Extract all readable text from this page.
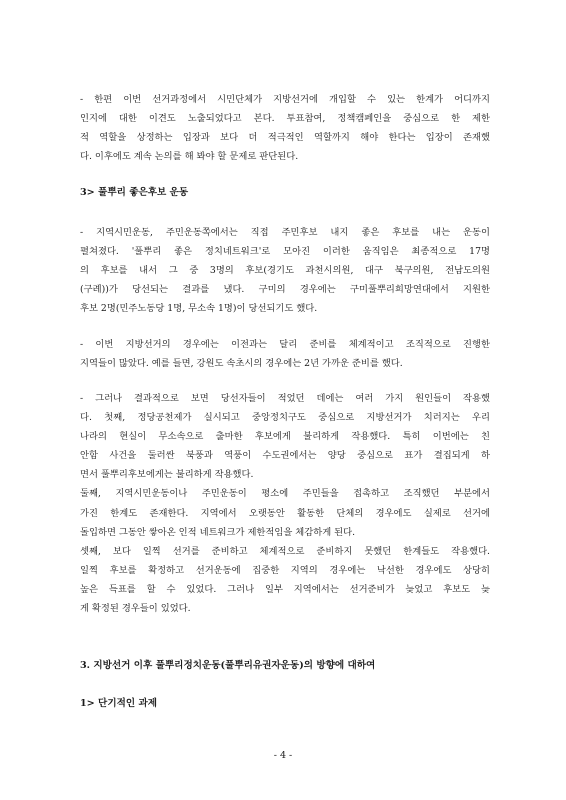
- 한편 이번 선거과정에서 시민단체가 지방선거에 개입할 수 있는 한계가 어디까지
인지에 대한 이견도 노출되었다고 본다. 투표참여, 정책캠페인을 중심으로 한 제한
적 역할을 상정하는 입장과 보다 더 적극적인 역할까지 해야 한다는 입장이 존재했
다. 이후에도 계속 논의를 해 봐야 할 문제로 판단된다.
3> 풀뿌리 좋은후보 운동
- 지역시민운동, 주민운동쪽에서는 직접 주민후보 내지 좋은 후보를 내는 운동이
펼쳐졌다. '풀뿌리 좋은 정치네트워크'로 모아진 이러한 움직임은 최종적으로 17명
의 후보를 내서 그 중 3명의 후보(경기도 과천시의원, 대구 북구의원, 전남도의원
(구례))가 당선되는 결과를 냈다. 구미의 경우에는 구미풀뿌리희망연대에서 지원한
후보 2명(민주노동당 1명, 무소속 1명)이 당선되기도 했다.
- 이번 지방선거의 경우에는 이전과는 달리 준비를 체계적이고 조직적으로 진행한
지역들이 많았다. 예를 들면, 강원도 속초시의 경우에는 2년 가까운 준비를 했다.
- 그러나 결과적으로 보면 당선자들이 적었던 데에는 여러 가지 원인들이 작용했
다. 첫째, 정당공천제가 실시되고 중앙정치구도 중심으로 지방선거가 치러지는 우리
나라의 현실이 무소속으로 출마한 후보에게 불리하게 작용했다. 특히 이번에는 친
안함 사건을 둘러싼 북풍과 역풍이 수도권에서는 양당 중심으로 표가 결집되게 하
면서 풀뿌리후보에게는 불리하게 작용했다.
둘째, 지역시민운동이나 주민운동이 평소에 주민들을 접촉하고 조직했던 부분에서
가진 한계도 존재한다. 지역에서 오랫동안 활동한 단체의 경우에도 실제로 선거에
돌입하면 그동안 쌓아온 인적 네트워크가 제한적임을 체감하게 된다.
셋째, 보다 일찍 선거를 준비하고 체계적으로 준비하지 못했던 한계들도 작용했다.
일찍 후보를 확정하고 선거운동에 집중한 지역의 경우에는 낙선한 경우에도 상당히
높은 득표를 할 수 있었다. 그러나 일부 지역에서는 선거준비가 늦었고 후보도 늦
게 확정된 경우들이 있었다.
3. 지방선거 이후 풀뿌리정치운동(풀뿌리유권자운동)의 방향에 대하여
1> 단기적인 과제
- 4 -
